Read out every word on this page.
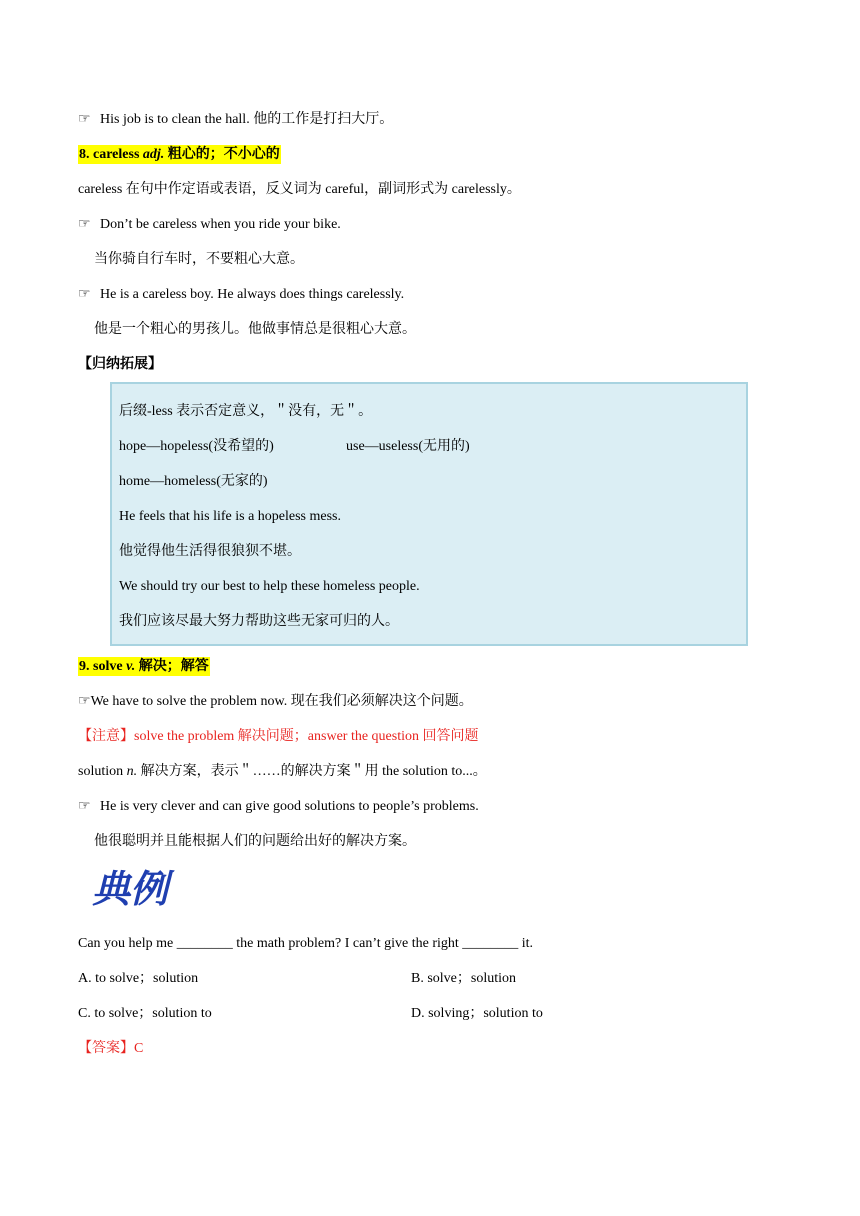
☞ His job is to clean the hall. 他的工作是打扫大厅。
8. careless adj. 粗心的；不小心的
careless 在句中作定语或表语，反义词为 careful，副词形式为 carelessly。
☞ Don’t be careless when you ride your bike.
当你骑自行车时，不要粗心大意。
☞ He is a careless boy. He always does things carelessly.
他是一个粗心的男孩儿。他做事情总是很粗心大意。
【归纳拓展】
后缀-less 表示否定意义，＂没有，无＂。
hope—hopeless(没希望的)	use—useless(无用的)
home—homeless(无家的)
He feels that his life is a hopeless mess.
他觉得他生活得很狼狈不堪。
We should try our best to help these homeless people.
我们应该尽最大努力帮助这些无家可归的人。
9. solve v. 解决；解答
☞We have to solve the problem now. 现在我们必须解决这个问题。
【注意】solve the problem 解决问题；answer the question 回答问题
solution n. 解决方案，表示＂……的解决方案＂用 the solution to...。
☞ He is very clever and can give good solutions to people’s problems.
他很聪明并且能根据人们的问题给出好的解决方案。
典例
Can you help me ________ the math problem? I can’t give the right ________ it.
A. to solve；solution	B. solve；solution
C. to solve；solution to	D. solving；solution to
【答案】C
